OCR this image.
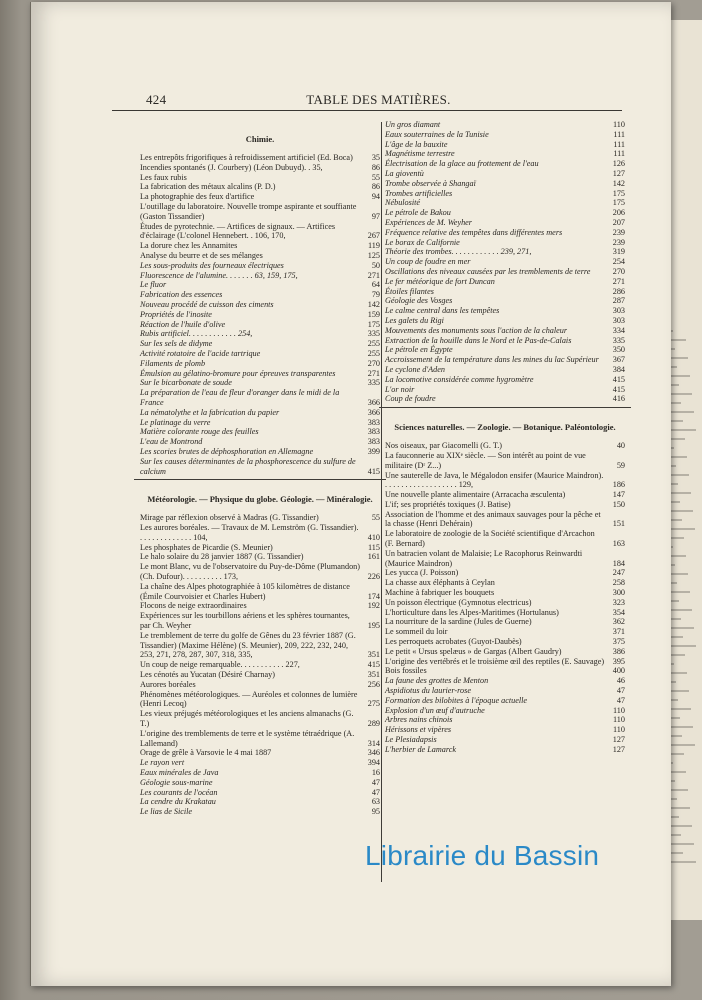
424	TABLE DES MATIÈRES.
Chimie.
Les entrepôts frigorifiques à refroidissement artificiel (Ed. Boca) 35
Incendies spontanés (J. Courbery) (Léon Dubuyd). . 35,	86
Les faux rubis	55
La fabrication des métaux alcalins (P. D.)	86
La photographie des feux d'artifice	94
L'outillage du laboratoire. Nouvelle trompe aspirante et souffiante (Gaston Tissandier)	97
Études de pyrotechnie. — Artifices de signaux. — Artifices d'éclairage (L'colonel Hennebert. . 106, 170,	267
La dorure chez les Annamites	119
Analyse du beurre et de ses mélanges	125
Les sous-produits des fourneaux électriques	50
Fluorescence de l'alumine. . . . . . . 63, 159, 175,	271
Le fluor	64
Fabrication des essences	79
Nouveau procédé de cuisson des ciments	142
Propriétés de l'inosite	159
Réaction de l'huile d'olive	175
Rubis artificiel. . . . . . . . . . . . 254,	335
Sur les sels de didyme	255
Activité rotatoire de l'acide tartrique	255
Filaments de plomb	270
Émulsion au gélatino-bromure pour épreuves transparentes	271
Sur le bicarbonate de soude	335
La préparation de l'eau de fleur d'oranger dans le midi de la France	366
La nématolythe et la fabrication du papier	366
Le platinage du verre	383
Matière colorante rouge des feuilles	383
L'eau de Montrond	383
Les scories brutes de déphosphoration en Allemagne	399
Sur les causes déterminantes de la phosphorescence du sulfure de calcium	415
Météorologie. — Physique du globe. Géologie. — Minéralogie.
Mirage par réflexion observé à Madras (G. Tissandier)	55
Les aurores boréales. — Travaux de M. Lemström (G. Tissandier). . . . . . . . . . . . . . 104,	410
Les phosphates de Picardie (S. Meunier)	115
Le halo solaire du 28 janvier 1887 (G. Tissandier)	161
Le mont Blanc, vu de l'observatoire du Puy-de-Dôme (Plumandon) (Ch. Dufour). . . . . . . . . . 173,	226
La chaîne des Alpes photographiée à 105 kilomètres de distance (Émile Courvoisier et Charles Hubert)	174
Flocons de neige extraordinaires	192
Expériences sur les tourbillons aériens et les sphères tournantes, par Ch. Weyher	195
Le tremblement de terre du golfe de Gênes du 23 février 1887 (G. Tissandier) (Maxime Hélène) (S. Meunier), 209, 222, 232, 240, 253, 271, 278, 287, 307, 318, 335,	351
Un coup de neige remarquable. . . . . . . . . . . 227,	415
Les cénotés au Yucatan (Désiré Charnay)	351
Aurores boréales	256
Phénomènes météorologiques. — Auréoles et colonnes de lumière (Henri Lecoq)	275
Les vieux préjugés météorologiques et les anciens almanachs (G. T.)	289
L'origine des tremblements de terre et le système tétraédrique (A. Lallemand)	314
Orage de grêle à Varsovie le 4 mai 1887	346
Le rayon vert	394
Eaux minérales de Java	16
Géologie sous-marine	47
Les courants de l'océan	47
La cendre du Krakatau	63
Le lias de Sicile	95
Un gros diamant	110
Eaux souterraines de la Tunisie	111
L'âge de la bauxite	111
Magnétisme terrestre	111
Électrisation de la glace au frottement de l'eau	126
La gioventù	127
Trombe observée à Shangaï	142
Trombes artificielles	175
Nébulosité	175
Le pétrole de Bakou	206
Expériences de M. Weyher	207
Fréquence relative des tempêtes dans différentes mers	239
Le borax de Californie	239
Théorie des trombes. . . . . . . . . . . . 239, 271,	319
Un coup de foudre en mer	254
Oscillations des niveaux causées par les tremblements de terre	270
Le fer météorique de fort Duncan	271
Étoiles filantes	286
Géologie des Vosges	287
Le calme central dans les tempêtes	303
Les galets du Rigi	303
Mouvements des monuments sous l'action de la chaleur	334
Extraction de la houille dans le Nord et le Pas-de-Calais	335
Le pétrole en Égypte	350
Accroissement de la température dans les mines du lac Supérieur 367
Le cyclone d'Aden	384
La locomotive considérée comme hygromètre	415
L'or noir	415
Coup de foudre	416
Sciences naturelles. — Zoologie. — Botanique. Paléontologie.
Nos oiseaux, par Giacomelli (G. T.)	40
La fauconnerie au XIXᵉ siècle. — Son intérêt au point de vue militaire (Dʳ Z...)	59
Une sauterelle de Java, le Mégalodon ensifer (Maurice Maindron). . . . . . . . . . . . . . . . . . . 129,	186
Une nouvelle plante alimentaire (Arracacha æsculenta)	147
L'if; ses propriétés toxiques (J. Batise)	150
Association de l'homme et des animaux sauvages pour la pêche et la chasse (Henri Dehérain)	151
Le laboratoire de zoologie de la Société scientifique d'Arcachon (F. Bernard)	163
Un batracien volant de Malaisie; Le Racophorus Reinwardti (Maurice Maindron)	184
Les yucca (J. Poisson)	247
La chasse aux éléphants à Ceylan	258
Machine à fabriquer les bouquets	300
Un poisson électrique (Gymnotus electricus)	323
L'horticulture dans les Alpes-Maritimes (Hortulanus)	354
La nourriture de la sardine (Jules de Guerne)	362
Le sommeil du loir	371
Les perroquets acrobates (Guyot-Daubès)	375
Le petit « Ursus spelæus » de Gargas (Albert Gaudry)	386
L'origine des vertébrés et le troisième œil des reptiles (E. Sauvage) 395
Bois fossiles	400
La faune des grottes de Menton	46
Aspidiotus du laurier-rose	47
Formation des bilobites à l'époque actuelle	47
Explosion d'un œuf d'autruche	110
Arbres nains chinois	110
Hérissons et vipères	110
Le Plesiadapsis	127
L'herbier de Lamarck	127
Librairie du Bassin
